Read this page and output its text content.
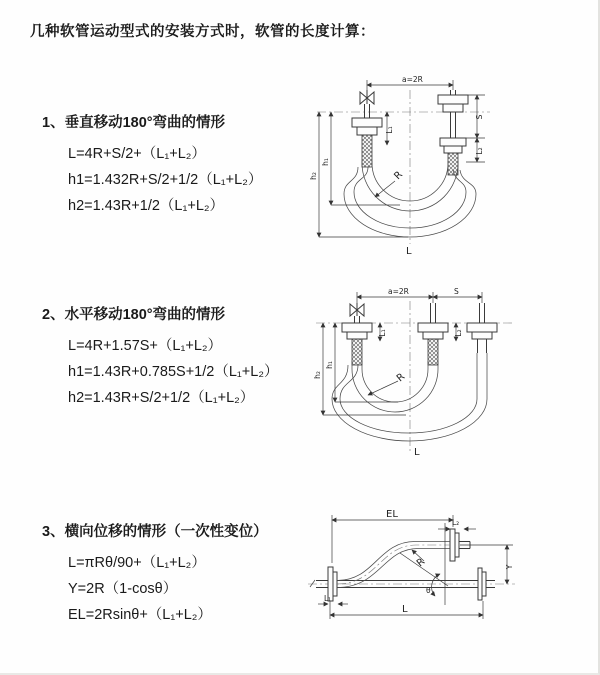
几种软管运动型式的安装方式时，软管的长度计算：
1、垂直移动180°弯曲的情形
L=4R+S/2+（L₁+L₂）
h1=1.432R+S/2+1/2（L₁+L₂）
h2=1.43R+1/2（L₁+L₂）
2、水平移动180°弯曲的情形
L=4R+1.57S+（L₁+L₂）
h1=1.43R+0.785S+1/2（L₁+L₂）
h2=1.43R+S/2+1/2（L₁+L₂）
3、横向位移的情形（一次性变位）
L=πRθ/90+（L₁+L₂）
Y=2R（1-cosθ）
EL=2Rsinθ+（L₁+L₂）
a=2R
h₁
h₂
L₁
S
L₂
R
L
a=2R	S
h₁
h₂
L₁	L₂
R
L
EL
L₂
θ
R	Y
L₁
L
